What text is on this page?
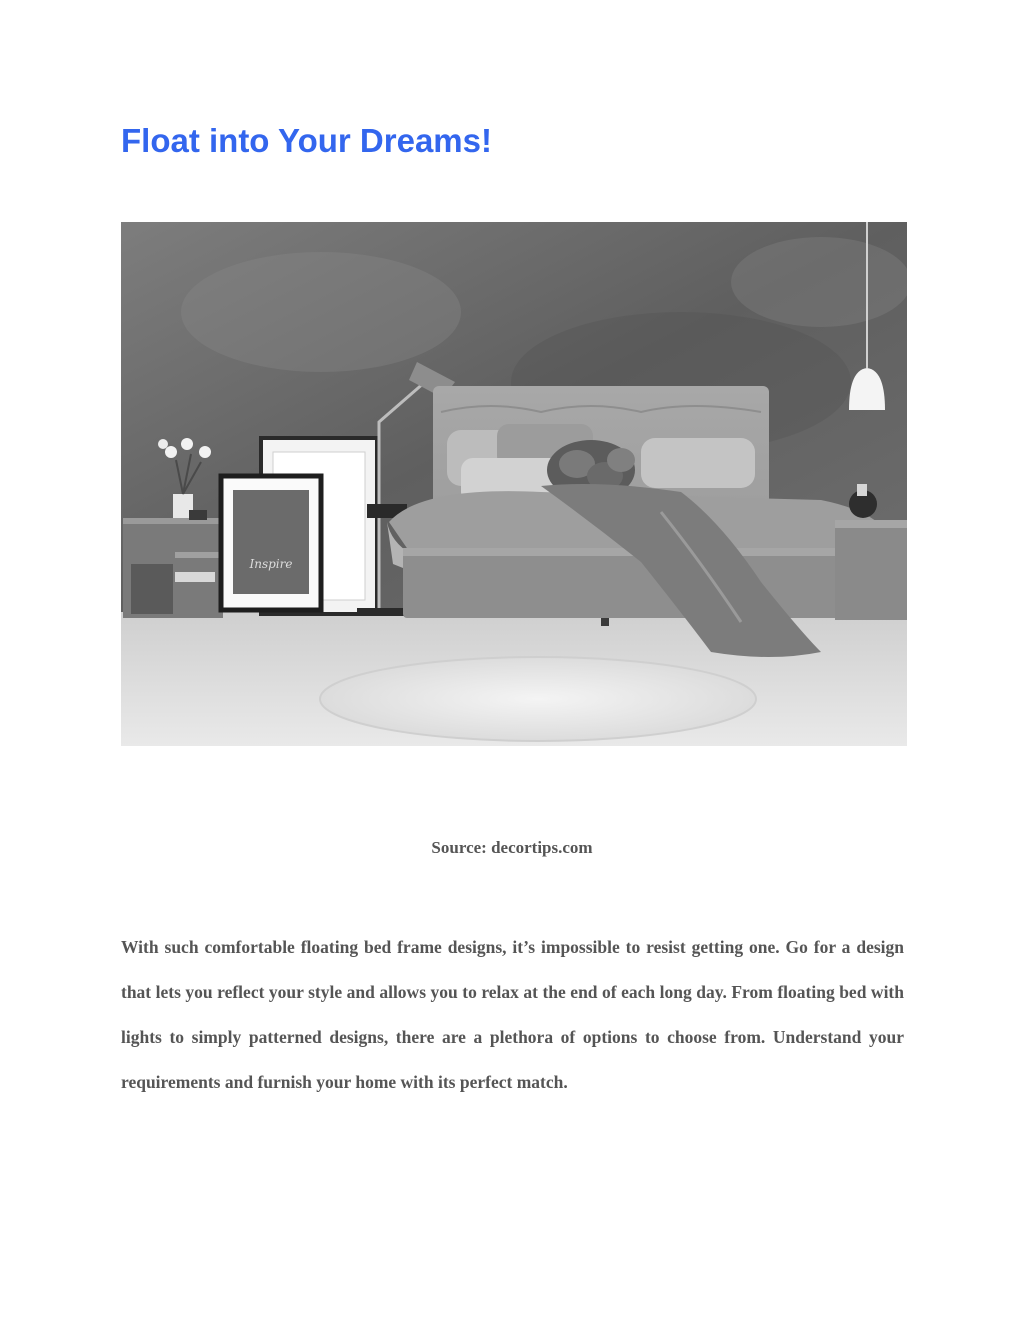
Float into Your Dreams!
Inspire
Source: decortips.com

With such comfortable floating bed frame designs, it’s impossible to resist getting one. Go for a design that lets you reflect your style and allows you to relax at the end of each long day. From floating bed with lights to simply patterned designs, there are a plethora of options to choose from. Understand your requirements and furnish your home with its perfect match.
